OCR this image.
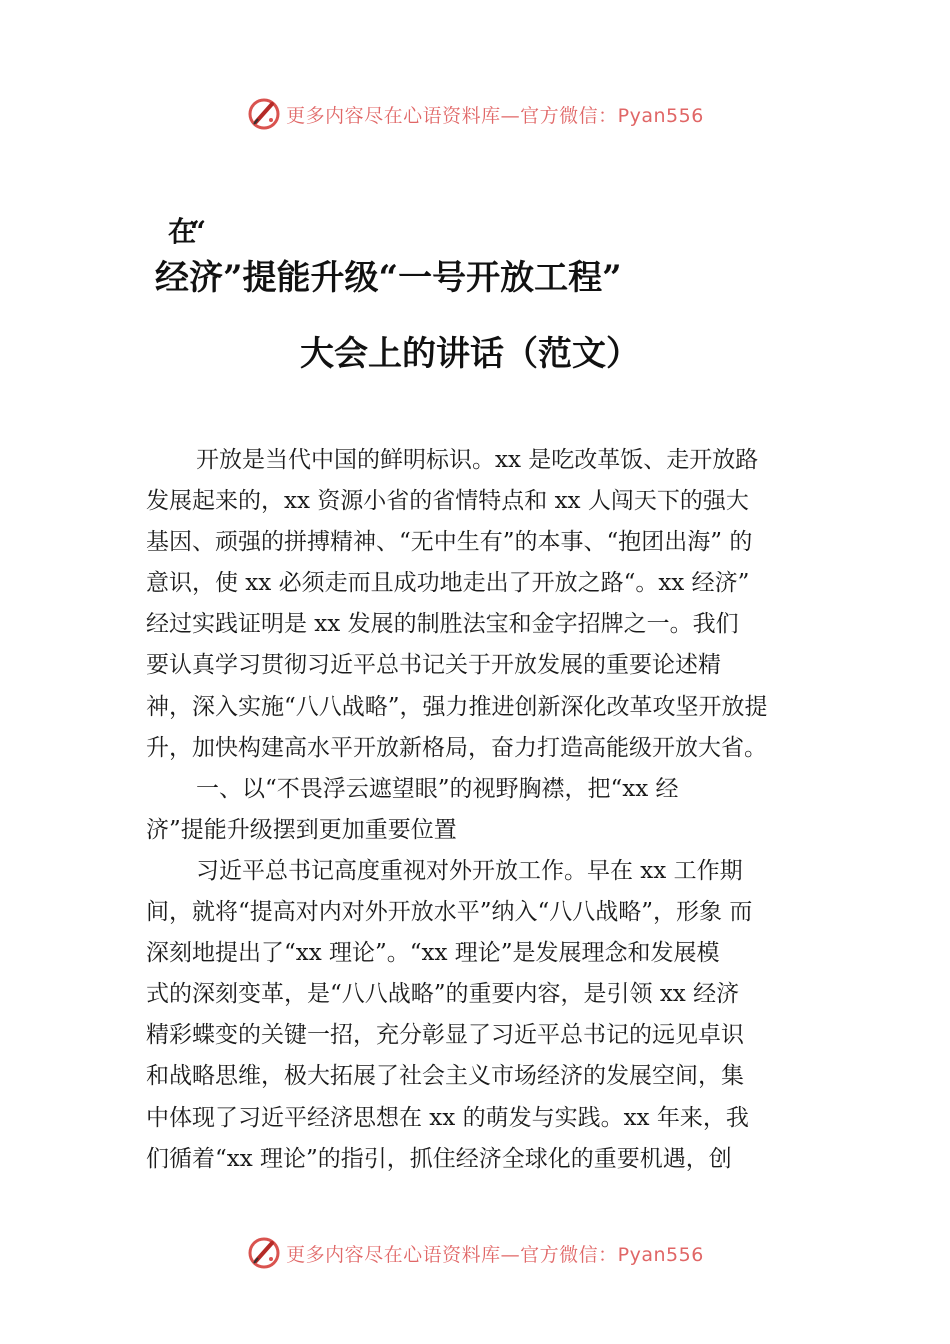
更多内容尽在心语资料库—官方微信：Pyan556
在“
经济”提能升级“一号开放工程”
大会上的讲话（范文）

开放是当代中国的鲜明标识。xx 是吃改革饭、走开放路

发展起来的，xx 资源小省的省情特点和 xx 人闯天下的强大

基因、顽强的拼搏精神、“无中生有”的本事、“抱团出海” 的

意识，使 xx 必须走而且成功地走出了开放之路“。xx 经济”

经过实践证明是 xx 发展的制胜法宝和金字招牌之一。我们

要认真学习贯彻习近平总书记关于开放发展的重要论述精

神，深入实施“八八战略”，强力推进创新深化改革攻坚开放提

升，加快构建高水平开放新格局，奋力打造高能级开放大省。

一、以“不畏浮云遮望眼”的视野胸襟，把“xx 经

济”提能升级摆到更加重要位置

习近平总书记高度重视对外开放工作。早在 xx 工作期

间，就将“提高对内对外开放水平”纳入“八八战略”，形象 而

深刻地提出了“xx 理论”。“xx 理论”是发展理念和发展模

式的深刻变革，是“八八战略”的重要内容，是引领 xx 经济

精彩蝶变的关键一招，充分彰显了习近平总书记的远见卓识

和战略思维，极大拓展了社会主义市场经济的发展空间，集

中体现了习近平经济思想在 xx 的萌发与实践。xx 年来，我

们循着“xx 理论”的指引，抓住经济全球化的重要机遇，创

更多内容尽在心语资料库—官方微信：Pyan556
